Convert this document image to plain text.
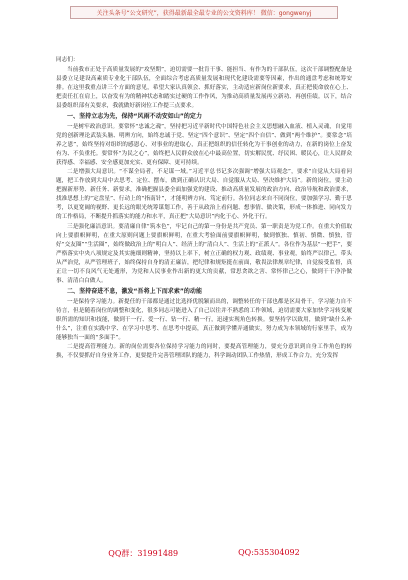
关注头条号“公文研究”，获得最新最全最专业的公文资料库！ 微信：gongwenyj

同志们：

当前我市正处于高质量发展的“攻坚期”，迫切需要一批肯干事、能担当、有作为的干部队伍，这次干部调整配备是县委立足建设高素质专业化干部队伍，全面综合考虑高质量发展和现代化建设需要等因素，作出的通盘考虑和统筹安排。在这里我重点讲三个方面的意见，希望大家认真领会、抓好落实，主动适应新岗位新要求，真正把使命放在心上、把责任扛在肩上，以奋发有为的精神状态和踏实过硬的工作作风，为推动高质量发展再立新功、再创佳绩。以下，结合县委组织部有关要求，我就做好新岗位工作提三点要求。

一、坚持立志为先，保持“风雨不动安如山”的定力

一是树牢政治意识。要常怀“忠诚之魂”，坚持把习近平新时代中国特色社会主义思想融入血液、植入灵魂，自觉用党的创新理论武装头脑、明辨方向，始终忠诚于党、坚定“四个意识”、坚定“四个自信”、做到“两个维护”。要常念“培养之恩”，始终坚持对组织的感恩心、对事业的进取心，真正把组织的信任转化为干事创业的动力，在新的岗位上奋发有为、不负重托。要常怀“为民之心”，始终把人民群众放在心中最高位置，切实解民忧、纾民困、暖民心，让人民群众获得感、幸福感、安全感更加充实、更有保障、更可持续。

二是增强大局意识。“不谋全局者，不足谋一域。”习近平总书记多次强调“增强大局观念”，要求“自觉从大局看问题，把工作放到大局中去思考、定位、摆布，做到正确认识大局、自觉服从大局、坚决维护大局”。新的岗位，要主动把握新形势、新任务、新要求，准确把握县委全面加强党的建设、推动高质量发展的政治方向、政治导航和政治要求，找准思想上的“定盘星”、行动上的“指南针”，才能明辨方向、笃定前行。各位同志来自不同岗位，要加强学习、勤于思考，以更宽阔的视野、更长远的眼光统筹谋划工作，善于从政治上看问题、想事情、做决策，形成一体推进、同向发力的工作格局，不断提升抓落实的能力和水平，真正把“大局意识”内化于心、外化于行。

三是强化廉洁意识。要清廉自律“筑本色”，牢记自己的第一身份是共产党员、第一职责是为党工作。在重大价值取向上要旗帜鲜明，在重大原则问题上要旗帜鲜明，在重大考验面前要旗帜鲜明，做到慎独、慎初、慎微、慎独，管好“交友圈”“生活圈”，始终做政治上的“明白人”、经济上的“清白人”、生活上的“正派人”。各位作为基层“一把手”，要严格落实中央八项规定及其实施细则精神，坚持以上率下，树立正确的权力观、政绩观、事业观，始终严以律己，带头从严治党，从严管理班子，始终保持自身的清正廉洁，把纪律和规矩挺在前面，敬畏法律规章纪律，自觉接受监督，真正让一切不良风气无处遁形，为党和人民事业作出新的更大的贡献，常思贪欲之害、常怀律己之心，做到干干净净做事、清清白白做人。

二、坚持奋进不息，激发“吾将上下而求索”的动能

一是保持学习能力。新提任的干部都是通过比选择优脱颖而出的，调整转任的干部也都是区局骨干，学习能力自不待言，但是随着岗位的调整和变化，很多同志可能进入了自己以往并不熟悉的工作领域，迫切需要大家加快学习转变履职所需的知识和技能，做到干一行、爱一行、钻一行、精一行，迅速实现角色转换。要坚持学以致用，做到“缺什么补什么”，注重在实践中学、在学习中思考、在思考中提高，真正做到学懂弄通做实，努力成为本领域的行家里手，成为能够独当一面的“多面手”。

二是提高管理能力。新的岗位需要各位保持学习能力的同时，要提高管理能力，要充分意识到自身工作角色的转换，不仅要抓好自身业务工作，更要提升完善管理团队的能力，科学调动团队工作热情，形成工作合力，充分发挥

QQ群：31991489	QQ:535304092
